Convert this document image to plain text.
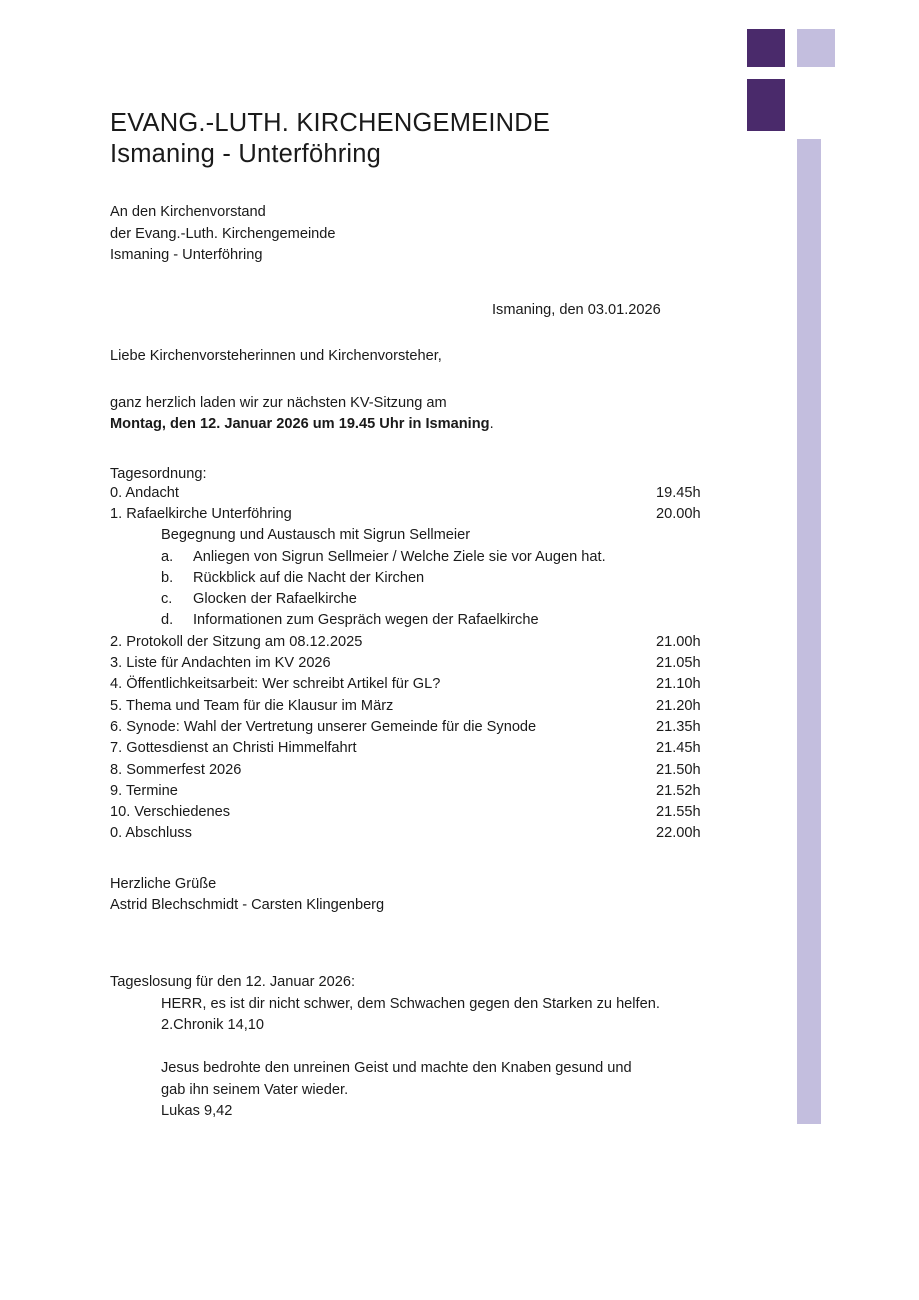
EVANG.-LUTH. KIRCHENGEMEINDE
Ismaning - Unterföhring
An den Kirchenvorstand
der Evang.-Luth. Kirchengemeinde
Ismaning - Unterföhring
Ismaning, den 03.01.2026
Liebe Kirchenvorsteherinnen und Kirchenvorsteher,
ganz herzlich laden wir zur nächsten KV-Sitzung am
Montag, den 12. Januar 2026 um 19.45 Uhr in Ismaning.
Tagesordnung:
0. Andacht	19.45h
1. Rafaelkirche Unterföhring	20.00h
Begegnung und Austausch mit Sigrun Sellmeier
a.	Anliegen von Sigrun Sellmeier / Welche Ziele sie vor Augen hat.
b.	Rückblick auf die Nacht der Kirchen
c.	Glocken der Rafaelkirche
d.	Informationen zum Gespräch wegen der Rafaelkirche
2. Protokoll der Sitzung am 08.12.2025	21.00h
3. Liste für Andachten im KV 2026	21.05h
4. Öffentlichkeitsarbeit: Wer schreibt Artikel für GL?	21.10h
5. Thema und Team für die Klausur im März	21.20h
6. Synode: Wahl der Vertretung unserer Gemeinde für die Synode	21.35h
7. Gottesdienst an Christi Himmelfahrt	21.45h
8. Sommerfest 2026	21.50h
9. Termine	21.52h
10. Verschiedenes	21.55h
0. Abschluss	22.00h
Herzliche Grüße
Astrid Blechschmidt - Carsten Klingenberg
Tageslosung für den 12. Januar 2026:
HERR, es ist dir nicht schwer, dem Schwachen gegen den Starken zu helfen.
2.Chronik 14,10
Jesus bedrohte den unreinen Geist und machte den Knaben gesund und
gab ihn seinem Vater wieder.
Lukas 9,42
